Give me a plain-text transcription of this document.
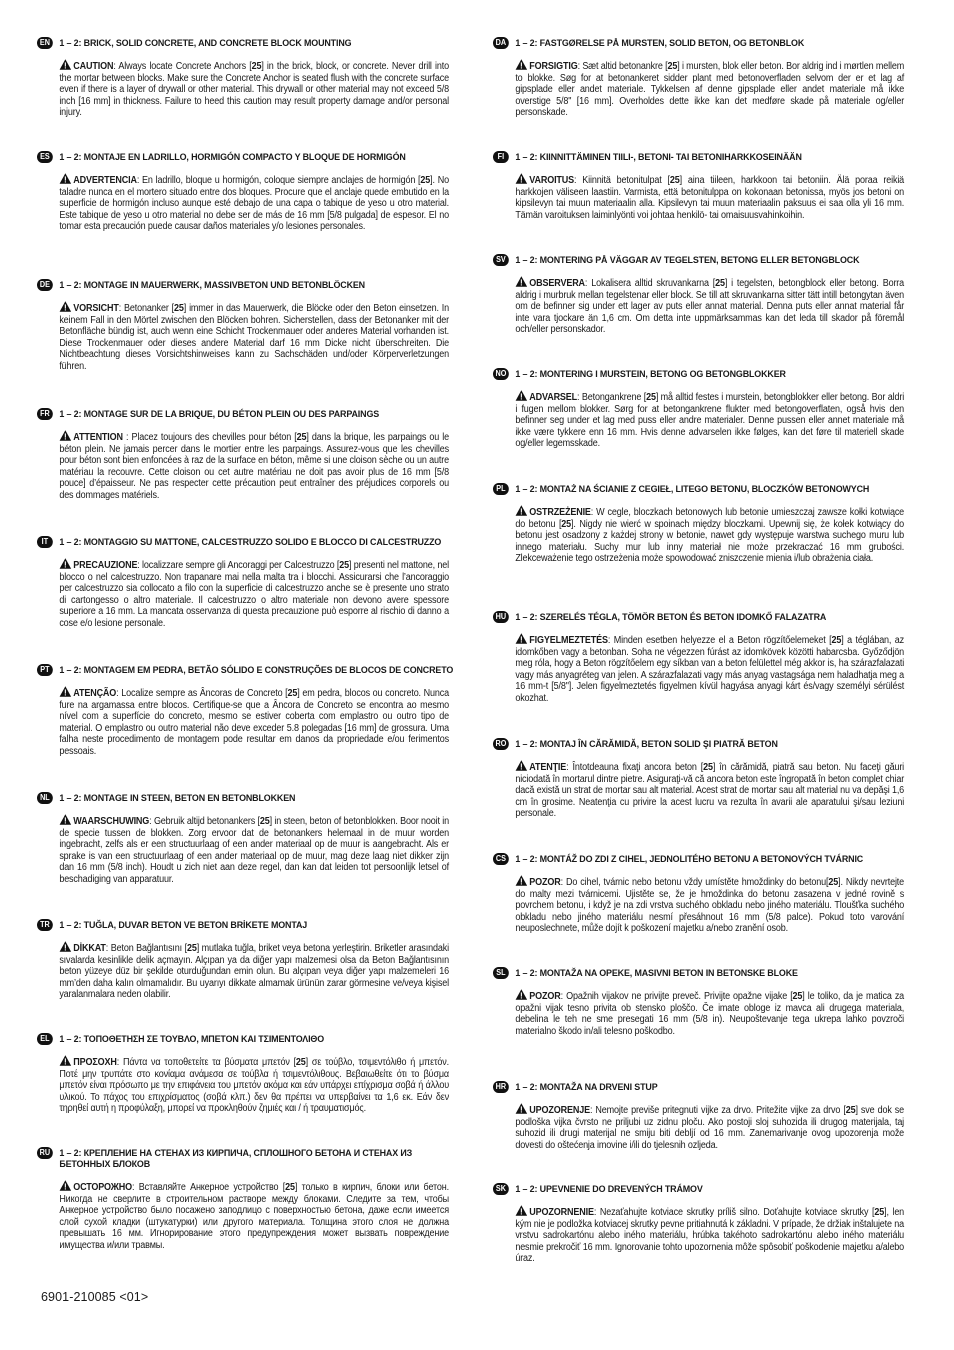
EN 1 – 2: BRICK, SOLID CONCRETE, AND CONCRETE BLOCK MOUNTING
CAUTION: Always locate Concrete Anchors [25] in the brick, block, or concrete. Never drill into the mortar between blocks. Make sure the Concrete Anchor is seated flush with the concrete surface even if there is a layer of drywall or other material. This drywall or other material may not exceed 5/8 inch [16 mm] in thickness. Failure to heed this caution may result property damage and/or personal injury.
ES 1 – 2: MONTAJE EN LADRILLO, HORMIGÓN COMPACTO Y BLOQUE DE HORMIGÓN
ADVERTENCIA: En ladrillo, bloque u hormigón, coloque siempre anclajes de hormigón [25]. No taladre nunca en el mortero situado entre dos bloques. Procure que el anclaje quede embutido en la superficie de hormigón incluso aunque esté debajo de una capa o tabique de yeso u otro material. Este tabique de yeso u otro material no debe ser de más de 16 mm [5/8 pulgada] de espesor. El no tomar esta precaución puede causar daños materiales y/o lesiones personales.
DE 1 – 2: MONTAGE IN MAUERWERK, MASSIVBETON UND BETONBLÖCKEN
VORSICHT: Betonanker [25] immer in das Mauerwerk, die Blöcke oder den Beton einsetzen. In keinem Fall in den Mörtel zwischen den Blöcken bohren. Sicherstellen, dass der Betonanker mit der Betonfläche bündig ist, auch wenn eine Schicht Trockenmauer oder anderes Material vorhanden ist. Diese Trockenmauer oder dieses andere Material darf 16 mm Dicke nicht überschreiten. Die Nichtbeachtung dieses Vorsichtshinweises kann zu Sachschäden und/oder Körperverletzungen führen.
FR 1 – 2: MONTAGE SUR DE LA BRIQUE, DU BÉTON PLEIN OU DES PARPAINGS
ATTENTION : Placez toujours des chevilles pour béton [25] dans la brique, les parpaings ou le béton plein. Ne jamais percer dans le mortier entre les parpaings. Assurez-vous que les chevilles pour béton sont bien enfoncées à raz de la surface en béton, même si une cloison sèche ou un autre matériau la recouvre. Cette cloison ou cet autre matériau ne doit pas avoir plus de 16 mm [5/8 pouce] d’épaisseur. Ne pas respecter cette précaution peut entraîner des préjudices corporels ou des dommages matériels.
IT	1 – 2: MONTAGGIO SU MATTONE, CALCESTRUZZO SOLIDO E BLOCCO DI CALCESTRUZZO
PRECAUZIONE: localizzare sempre gli Ancoraggi per Calcestruzzo [25] presenti nel mattone, nel blocco o nel calcestruzzo. Non trapanare mai nella malta tra i blocchi. Assicurarsi che l’ancoraggio per calcestruzzo sia collocato a filo con la superficie di calcestruzzo anche se è presente uno strato di cartongesso o altro materiale. Il calcestruzzo o altro materiale non devono avere spessore superiore a 16 mm. La mancata osservanza di questa precauzione può esporre al rischio di danno a cose e/o lesione personale.
PT	1 – 2: MONTAGEM EM PEDRA, BETÃO SÓLIDO E CONSTRUÇÕES DE BLOCOS DE CONCRETO
ATENÇÃO: Localize sempre as Âncoras de Concreto [25] em pedra, blocos ou concreto. Nunca fure na argamassa entre blocos. Certifique-se que a Âncora de Concreto se encontra ao mesmo nível com a superfície do concreto, mesmo se estiver coberta com emplastro ou outro tipo de material. O emplastro ou outro material não deve exceder 5.8 polegadas [16 mm] de grossura. Uma falha neste procedimento de montagem pode resultar em danos da propriedade e/ou ferimentos pessoais.
NL 1 – 2: MONTAGE IN STEEN, BETON EN BETONBLOKKEN
WAARSCHUWING: Gebruik altijd betonankers [25] in steen, beton of betonblokken. Boor nooit in de specie tussen de blokken. Zorg ervoor dat de betonankers helemaal in de muur worden ingebracht, zelfs als er een structuurlaag of een ander materiaal op de muur is aangebracht. Als er sprake is van een structuurlaag of een ander materiaal op de muur, mag deze laag niet dikker zijn dan 16 mm (5/8 inch). Houdt u zich niet aan deze regel, dan kan dat leiden tot persoonlijk letsel of beschadiging van apparatuur.
TR 1 – 2: TUĞLA, DUVAR BETON VE BETON BRİKETE MONTAJ
DİKKAT: Beton Bağlantısını [25] mutlaka tuğla, briket veya betona yerleştirin. Briketler arasındaki sıvalarda kesinlikle delik açmayın. Alçıpan ya da diğer yapı malzemesi olsa da Beton Bağlantısının beton yüzeye düz bir şekilde oturduğundan emin olun. Bu alçıpan veya diğer yapı malzemeleri 16 mm’den daha kalın olmamalıdır. Bu uyarıyı dikkate almamak ürünün zarar görmesine ve/veya kişisel yaralanmalara neden olabilir.
EL	1 – 2: ΤΟΠΟΘΕΤΗΣΗ ΣΕ ΤΟΥΒΛΟ, ΜΠΕΤΟΝ ΚΑΙ ΤΣΙΜΕΝΤΟΛΙΘΟ
ΠΡΟΣΟΧΗ: Πάντα να τοποθετείτε τα βύσματα μπετόν [25] σε τούβλο, τσιμεντόλιθο ή μπετόν. Ποτέ μην τρυπάτε στο κονίαμα ανάμεσα σε τούβλα ή τσιμεντόλιθους. Βεβαιωθείτε ότι το βύσμα μπετόν είναι πρόσωπο με την επιφάνεια του μπετόν ακόμα και εάν υπάρχει επίχρισμα σοβά ή άλλου υλικού. Το πάχος του επιχρίσματος (σοβά κλπ.) δεν θα πρέπει να υπερβαίνει τα 1,6 εκ. Εάν δεν τηρηθεί αυτή η προφύλαξη, μπορεί να προκληθούν ζημιές και / ή τραυματισμός.
RU 1 – 2: КРЕПЛЕНИЕ НА СТЕНАХ ИЗ КИРПИЧА, СПЛОШНОГО БЕТОНА И СТЕНАХ ИЗ БЕТОННЫХ БЛОКОВ
ОСТОРОЖНО: Вставляйте Анкерное устройство [25] только в кирпич, блоки или бетон. Никогда не сверлите в строительном растворе между блоками. Следите за тем, чтобы Анкерное устройство было посажено заподлицо с поверхностью бетона, даже если имеется слой сухой кладки (штукатурки) или другого материала. Толщина этого слоя не должна превышать 16 мм. Игнорирование этого предупреждения может вызвать повреждение имущества и/или травмы.
DA 1 – 2: FASTGØRELSE PÅ MURSTEN, SOLID BETON, OG BETONBLOK
FORSIGTIG: Sæt altid betonankre [25] i mursten, blok eller beton. Bor aldrig ind i mørtlen mellem to blokke. Søg for at betonankeret sidder plant med betonoverfladen selvom der er et lag af gipsplade eller andet materiale. Tykkelsen af denne gipsplade eller andet materiale må ikke overstige 5/8" [16 mm]. Overholdes dette ikke kan det medføre skade på materiale og/eller personskade.
FI	1 – 2: KIINNITTÄMINEN TIILI-, BETONI- TAI BETONIHARKKOSEINÄÄN
VAROITUS: Kiinnitä betonitulpat [25] aina tiileen, harkkoon tai betoniin. Älä poraa reikiä harkkojen väliseen laastiin. Varmista, että betonitulppa on kokonaan betonissa, myös jos betoni on kipsilevyn tai muun materiaalin alla. Kipsilevyn tai muun materiaalin paksuus ei saa olla yli 16 mm. Tämän varoituksen laiminlyönti voi johtaa henkilö- tai omaisuusvahinkoihin.
SV 1 – 2: MONTERING PÅ VÄGGAR AV TEGELSTEN, BETONG ELLER BETONGBLOCK
OBSERVERA: Lokalisera alltid skruvankarna [25] i tegelsten, betongblock eller betong. Borra aldrig i murbruk mellan tegelstenar eller block. Se till att skruvankarna sitter tätt intill betongytan även om de befinner sig under ett lager av puts eller annat material. Denna puts eller annat material får inte vara tjockare än 1,6 cm. Om detta inte uppmärksammas kan det leda till skador på föremål och/eller personskador.
NO 1 – 2: MONTERING I MURSTEIN, BETONG OG BETONGBLOKKER
ADVARSEL: Betongankrene [25] må alltid festes i murstein, betongblokker eller betong. Bor aldri i fugen mellom blokker. Sørg for at betongankrene flukter med betongoverflaten, også hvis den befinner seg under et lag med puss eller andre materialer. Denne pussen eller annet materiale må ikke være tykkere enn 16 mm. Hvis denne advarselen ikke følges, kan det føre til materiell skade og/eller legemsskade.
PL	1 – 2: MONTAŻ NA ŚCIANIE Z CEGIEŁ, LITEGO BETONU, BLOCZKÓW BETONOWYCH
OSTRZEŻENIE: W cegle, bloczkach betonowych lub betonie umieszczaj zawsze kołki kotwiące do betonu [25]. Nigdy nie wierć w spoinach między bloczkami. Upewnij się, że kołek kotwiący do betonu jest osadzony z każdej strony w betonie, nawet gdy występuje warstwa suchego muru lub innego materiału. Suchy mur lub inny materiał nie może przekraczać 16 mm grubości. Zlekceważenie tego ostrzeżenia może spowodować zniszczenie mienia i/lub obrażenia ciała.
HU 1 – 2: SZERELÉS TÉGLA, TÖMÖR BETON ÉS BETON IDOMKŐ FALAZATRA
FIGYELMEZTETÉS: Minden esetben helyezze el a Beton rögzítőelemeket [25] a téglában, az idomkőben vagy a betonban. Soha ne végezzen fúrást az idomkövek közötti habarcsba. Győződjön meg róla, hogy a Beton rögzítőelem egy síkban van a beton felülettel még akkor is, ha szárazfalazati vagy más anyagréteg van jelen. A szárazfalazati vagy más anyag vastagsága nem haladhatja meg a 16 mm-t [5/8"]. Jelen figyelmeztetés figyelmen kívül hagyása anyagi kárt és/vagy személyi sérülést okozhat.
RO 1 – 2: MONTAJ ÎN CĂRĂMIDĂ, BETON SOLID ŞI PIATRĂ BETON
ATENŢIE: Întotdeauna fixaţi ancora beton [25] în cărămidă, piatră sau beton. Nu faceţi găuri niciodată în mortarul dintre pietre. Asiguraţi-vă că ancora beton este îngropată în beton complet chiar dacă există un strat de mortar sau alt material. Acest strat de mortar sau alt material nu va depăşi 1,6 cm în grosime. Neatenţia cu privire la acest lucru va rezulta în avarii ale aparatului şi/sau leziuni personale.
CS 1 – 2: MONTÁŽ DO ZDI Z CIHEL, JEDNOLITÉHO BETONU A BETONOVÝCH TVÁRNIC
POZOR: Do cihel, tvárnic nebo betonu vždy umístěte hmoždinky do betonu[25]. Nikdy nevrtejte do malty mezi tvárnicemi. Ujistěte se, že je hmoždinka do betonu zasazena v jedné rovině s povrchem betonu, i když je na zdi vrstva suchého obkladu nebo jiného materiálu. Tloušťka suchého obkladu nebo jiného materiálu nesmí přesáhnout 16 mm (5/8 palce). Pokud toto varování neuposlechnete, může dojít k poškození majetku a/nebo zranění osob.
SL	1 – 2: MONTAŽA NA OPEKE, MASIVNI BETON IN BETONSKE BLOKE
POZOR: Opažnih vijakov ne privijte preveč. Privijte opažne vijake [25] le toliko, da je matica za opažni vijak tesno privita ob stensko ploščo. Če imate obloge iz mavca ali drugega materiala, debelina le teh ne sme presegati 16 mm (5/8 in). Neupoštevanje tega ukrepa lahko povzroči materialno škodo in/ali telesno poškodbo.
HR 1 – 2: MONTAŽA NA DRVENI STUP
UPOZORENJE: Nemojte previše pritegnuti vijke za drvo. Pritežite vijke za drvo [25] sve dok se podloška vijka čvrsto ne priljubi uz zidnu ploču. Ako postoji sloj suhozida ili drugog materijala, taj suhozid ili drugi materijal ne smiju biti debljí od 16 mm. Zanemarivanje ovog upozorenja može dovesti do oštećenja imovine i/ili do tjelesnih ozljeda.
SK 1 – 2: UPEVNENIE DO DREVENÝCH TRÁMOV
UPOZORNENIE: Nezaťahujte kotviace skrutky príliš silno. Doťahujte kotviace skrutky [25], len kým nie je podložka kotviacej skrutky pevne pritiahnutá k základni. V prípade, že držiak inštalujete na vrstvu sadrokartónu alebo iného materiálu, hrúbka takéhoto sadrokartónu alebo iného materiálu nesmie prekročiť 16 mm. Ignorovanie tohto upozornenia môže spôsobiť poškodenie majetku a/alebo úraz.
6901-210085 <01>
